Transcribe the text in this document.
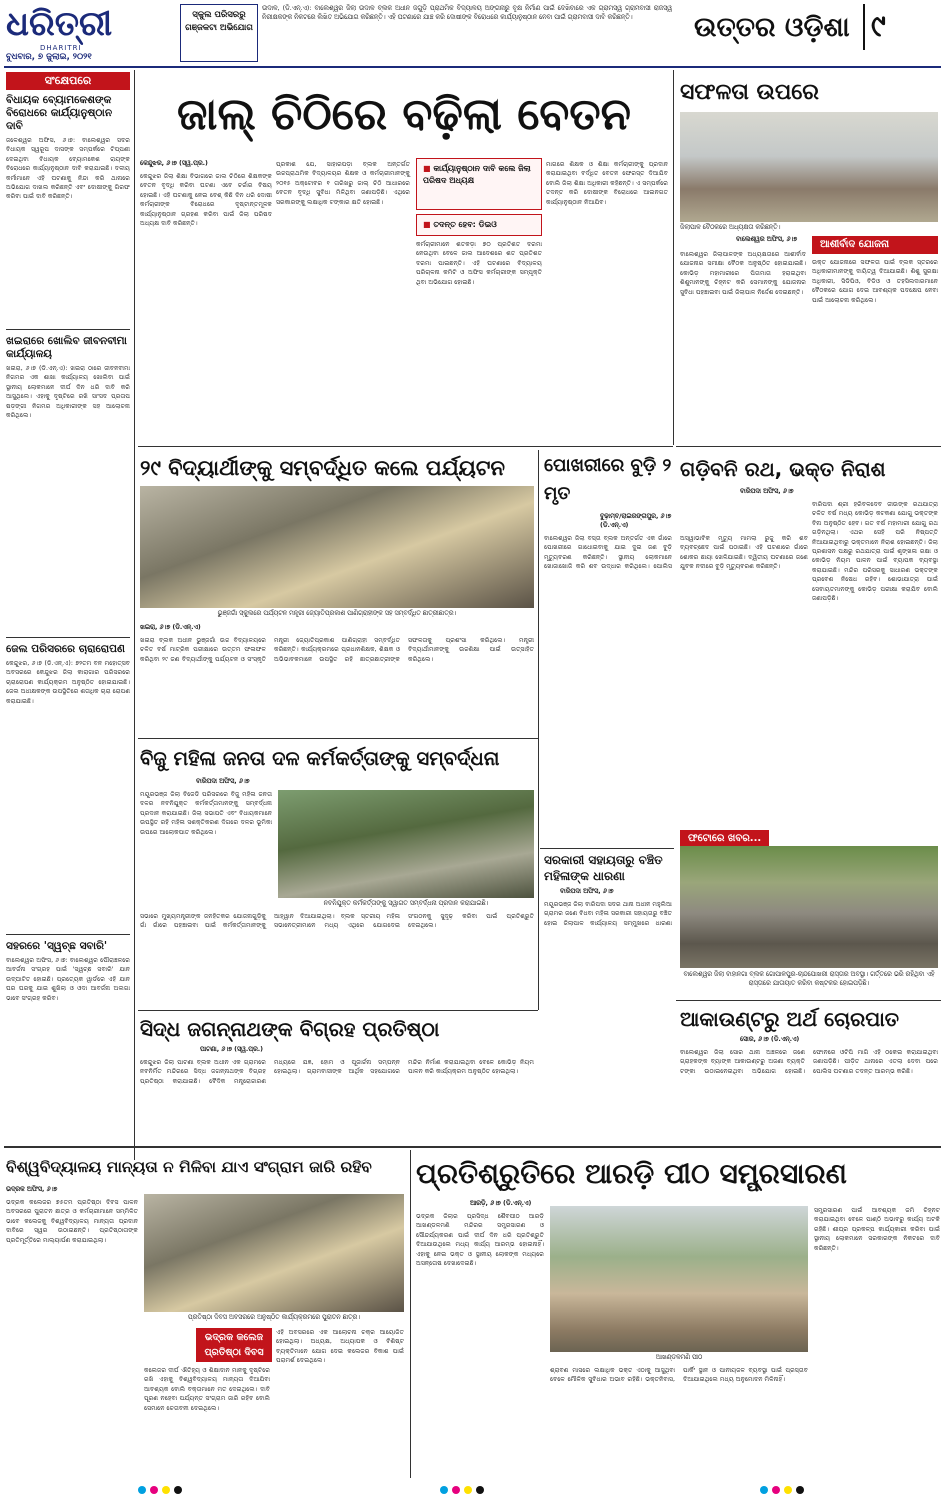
ଧରିତ୍ରୀ
DHARITRI
ବୁଧବାର, ୭ ଜୁଲାଇ, ୨୦୨୧
ସ୍କୁଲ ପରିସରରୁ ଗଞ୍ଜକଟା ଅଭିଯୋଗ
ଉଦାଳ, (ଡି.ଏନ୍.ଏ): ବାଲେଶ୍ୱର ଜିଲା ଉଦାଳ ବ୍ଲକ ଅଧୀନ ଜଗୁଡ଼ି ପ୍ରାଥମିକ ବିଦ୍ୟାଳୟ ଅଙ୍ଗନାରୁ ବୃକ୍ଷ ନିର୍ମାଣ ପାଇଁ ଦେଖିବାରେ ଏକ ଗ୍ରାମସ୍ୱ ଗ୍ରାମବାସୀ ରାଜସ୍ୱ ନିରୀକ୍ଷକଙ୍କ ନିକଟରେ ଲିଖିତ ଅଭିଯୋଗ କରିଛନ୍ତି। ଏହି ଘଟଣାରେ ଯାଞ୍ଚ କରି ଦୋଷୀଙ୍କ ବିରୋଧରେ କାର୍ଯ୍ୟାନୁଷ୍ଠାନ ନେବା ପାଇଁ ଗ୍ରାମବାସୀ ଦାବି କରିଛନ୍ତି।	ଉତ୍ତର ଓଡ଼ିଶା ୯
ସଂକ୍ଷେପରେ
ବିଧାୟକ ବ୍ୟୋମକେଶଙ୍କ ବିରୋଧରେ କାର୍ଯ୍ୟାନୁଷ୍ଠାନ ଦାବି
ଜଳେଶ୍ୱର ଅଫିସ, ୬।୭: ବାଲେଶ୍ୱର ସଦର ବିଧାୟକ ସ୍ୱରୂପ ଦାସଙ୍କ ସମ୍ପର୍କରେ ଟିପ୍ପଣୀ ଦେଇଥିବା ବିଧାୟକ ବ୍ୟୋମକେଶ ରାୟଙ୍କ ବିରୋଧରେ କାର୍ଯ୍ୟାନୁଷ୍ଠାନ ଦାବି କରାଯାଇଛି। ଦଳୀୟ କର୍ମୀମାନେ ଏହି ଘଟଣାକୁ ନିନ୍ଦା କରି ଥାନାରେ ଅଭିଯୋଗ ଦାଖଲ କରିଛନ୍ତି ଏବଂ ଦୋଷୀଙ୍କୁ ଗିରଫ କରିବା ପାଇଁ ଦାବି କରିଛନ୍ତି।
ଖଇରାରେ ଖୋଲିବ ଜୀବନବୀମା କାର୍ଯ୍ୟାଳୟ
ଖଇରା, ୬।୭ (ଡି.ଏନ୍.ଏ): ଖଇରା ଠାରେ ଜୀବନବୀମା ନିଗମର ଏକ ଶାଖା କାର୍ଯ୍ୟାଳୟ ଖୋଲିବା ପାଇଁ ସ୍ଥାନୀୟ ଲୋକମାନେ ଦୀର୍ଘ ଦିନ ଧରି ଦାବି କରି ଆସୁଥିଲେ। ଏହାକୁ ଦୃଷ୍ଟିରେ ରଖି ସାଂସଦ ପ୍ରତାପ ଷଡ଼ଙ୍ଗୀ ନିଗମର ଅଧିକାରୀଙ୍କ ସହ ଆଲୋଚନା କରିଥିଲେ।
ଜେଲ ପରିସରରେ ଚାରାରୋପଣ
କେନ୍ଦୁଝର, ୬।୭ (ଡି.ଏନ୍.ଏ): ୭୨ତମ ବନ ମହୋତ୍ସବ ଅବସରରେ କେନ୍ଦୁଝର ଜିଲା କାରାଗାର ପରିସରରେ ଚାରାରୋପଣ କାର୍ଯ୍ୟକ୍ରମ ଅନୁଷ୍ଠିତ ହୋଇଯାଇଛି। ଜେଲ ଅଧୀକ୍ଷକଙ୍କ ଉପସ୍ଥିତିରେ ଶତାଧିକ ଚାରା ରୋପଣ କରାଯାଇଛି।
ସହରରେ 'ସ୍ୱଚ୍ଛ ସବାରି'
ବାଲେଶ୍ୱର ଅଫିସ, ୬।୭: ବାଲେଶ୍ୱର ପୌରାଞ୍ଚଳରେ ଆବର୍ଜନା ସଂଗ୍ରହ ପାଇଁ 'ସ୍ୱଚ୍ଛ ସବାରି' ଯାନ ଉଦ୍‌ଘାଟିତ ହୋଇଛି। ପ୍ରତ୍ୟେକ ୱାର୍ଡରେ ଏହି ଯାନ ଘର ଘରକୁ ଯାଇ ଶୁଖିଲା ଓ ଓଦା ଆବର୍ଜନା ଅଲଗା ଭାବେ ସଂଗ୍ରହ କରିବ।
ଜାଲ୍ ଚିଠିରେ ବଢ଼ିଲା ବେତନ
କେନ୍ଦୁଝର, ୬।୭ (ସ୍ୱ.ପ୍ର.)
କେନ୍ଦୁଝର ଜିଲା ଶିକ୍ଷା ବିଭାଗରେ ଜାଲ ଚିଠିରେ ଶିକ୍ଷକଙ୍କ ବେତନ ବୃଦ୍ଧି କରିବା ଘଟଣା ଏବେ ଚର୍ଚ୍ଚାର ବିଷୟ ହୋଇଛି। ଏହି ଘଟଣାକୁ ନେଇ ବେଶ୍ କିଛି ଦିନ ଧରି ଦୋଷୀ କର୍ମଚାରୀଙ୍କ ବିରୋଧରେ ଦୃଷ୍ଟାନ୍ତମୂଳକ କାର୍ଯ୍ୟାନୁଷ୍ଠାନ ଗ୍ରହଣ କରିବା ପାଇଁ ଜିଲା ପରିଷଦ ଅଧ୍ୟକ୍ଷ ଦାବି କରିଛନ୍ତି।
ପ୍ରକାଶ ଯେ, ସାହାରପଡ଼ା ବ୍ଲକ ଅନ୍ତର୍ଗତ ଉଚ୍ଚପ୍ରାଥମିକ ବିଦ୍ୟାଳୟର ଶିକ୍ଷକ ଓ କର୍ମଚାରୀମାନଙ୍କୁ ୨୦୧୫ ଅକ୍ଟୋବର ୧ ତାରିଖରୁ ଜାଲ୍ ଚିଠି ଆଧାରରେ ବେତନ ବୃଦ୍ଧି ସୁବିଧା ମିଳିଥିବା ଜଣାପଡ଼ିଛି। ଏଥିରେ ସରକାରଙ୍କୁ ଲକ୍ଷାଧିକ ଟଙ୍କାର କ୍ଷତି ହୋଇଛି।
■ କାର୍ଯ୍ୟାନୁଷ୍ଠାନ ଦାବି କଲେ ଜିଲା ପରିଷଦ ଅଧ୍ୟକ୍ଷ
■ ତଦନ୍ତ ହେବ: ଡିଇଓ
କର୍ମଚାରୀମାନେ ଶତକଡ଼ା ୭୦ ପ୍ରତିଶତ ଦରମା ନେଉଥିବା ବେଳେ ଜାଲ ଆଦେଶରେ ଶତ ପ୍ରତିଶତ ଦରମା ପାଇଛନ୍ତି। ଏହି ଘଟଣାରେ ବିଦ୍ୟାଳୟ ପରିଚାଳନା କମିଟି ଓ ଅଫିସ କର୍ମଚାରୀଙ୍କ ସମ୍ପୃକ୍ତି ଥିବା ଅଭିଯୋଗ ହୋଇଛି।
ମାଗରେ ଶିକ୍ଷକ ଓ ଶିକ୍ଷା କର୍ମଚାରୀଙ୍କୁ ପ୍ରଦାନ କରାଯାଇଥିବା ବର୍ଦ୍ଧିତ ବେତନ ଫେରସ୍ତ ଦିଆଯିବ ବୋଲି ଜିଲା ଶିକ୍ଷା ଅଧିକାରୀ କହିଛନ୍ତି। ଏ ସମ୍ପର୍କରେ ତଦନ୍ତ କରି ଦୋଷୀଙ୍କ ବିରୋଧରେ ଆଇନଗତ କାର୍ଯ୍ୟାନୁଷ୍ଠାନ ନିଆଯିବ।
ସଫଳତା ଉପରେ
ଜିଲାପାଳ ବୈଠକରେ ଅଧ୍ୟକ୍ଷତା କରିଛନ୍ତି।
ବାଲେଶ୍ୱର ଅଫିସ, ୬।୭	ଆଶୀର୍ବାଦ ଯୋଜନା
ବାଲେଶ୍ୱର ଜିଲାପାଳଙ୍କ ଅଧ୍ୟକ୍ଷତାରେ ଆଶୀର୍ବାଦ ଯୋଜନାର ସମୀକ୍ଷା ବୈଠକ ଅନୁଷ୍ଠିତ ହୋଇଯାଇଛି। କୋଭିଡ଼ ମହାମାରୀରେ ପିତାମାତା ହରାଇଥିବା ଶିଶୁମାନଙ୍କୁ ଚିହ୍ନଟ କରି ସେମାନଙ୍କୁ ଯୋଜନାର ସୁବିଧା ପହଞ୍ଚାଇବା ପାଇଁ ଜିଲାପାଳ ନିର୍ଦ୍ଦେଶ ଦେଇଛନ୍ତି।
ଉକ୍ତ ଯୋଜନାରେ ସଫଳତା ପାଇଁ ବ୍ଲକ ସ୍ତରରେ ଅଧିକାରୀମାନଙ୍କୁ ଦାୟିତ୍ୱ ଦିଆଯାଇଛି। ଶିଶୁ ସୁରକ୍ଷା ଅଧିକାରୀ, ସିଡିପିଓ, ବିଡିଓ ଓ ତହସିଲଦାରମାନେ ବୈଠକରେ ଯୋଗ ଦେଇ ଆବଶ୍ୟକ ପଦକ୍ଷେପ ନେବା ପାଇଁ ଆଲୋଚନା କରିଥିଲେ।
୨୯ ବିଦ୍ୟାର୍ଥୀଙ୍କୁ ସମ୍ବର୍ଦ୍ଧିତ କଲେ ପର୍ଯ୍ୟଟନ
ଭୁଞ୍ଜଗାଁ ସ୍କୁଲରେ ପର୍ଯ୍ୟଟନ ମନ୍ତ୍ରୀ ଜ୍ୟୋତିପ୍ରକାଶ ପାଣିଗ୍ରାହୀଙ୍କ ସହ ସମ୍ବର୍ଦ୍ଧିତ ଛାତ୍ରୀଛାତ୍ର।
ଖଇରା, ୬।୭ (ଡି.ଏନ୍.ଏ)
ଖଇରା ବ୍ଲକ ଅଧୀନ ଭୁଞ୍ଜଗାଁ ଉଚ୍ଚ ବିଦ୍ୟାଳୟରେ ଚଳିତ ବର୍ଷ ମାଟ୍ରିକ ପରୀକ୍ଷାରେ ଉତ୍ତମ ଫଳାଫଳ କରିଥିବା ୨୯ ଜଣ ବିଦ୍ୟାର୍ଥୀଙ୍କୁ ପର୍ଯ୍ୟଟନ ଓ ସଂସ୍କୃତି ମନ୍ତ୍ରୀ ଜ୍ୟୋତିପ୍ରକାଶ ପାଣିଗ୍ରାହୀ ସମ୍ବର୍ଦ୍ଧିତ କରିଛନ୍ତି। କାର୍ଯ୍ୟକ୍ରମରେ ପ୍ରଧାନଶିକ୍ଷକ, ଶିକ୍ଷକ ଓ ଅଭିଭାବକମାନେ ଉପସ୍ଥିତ ରହି ଛାତ୍ରଛାତ୍ରୀଙ୍କ ସଫଳତାକୁ ପ୍ରଶଂସା କରିଥିଲେ। ମନ୍ତ୍ରୀ ବିଦ୍ୟାର୍ଥୀମାନଙ୍କୁ ଉଚ୍ଚଶିକ୍ଷା ପାଇଁ ଉତ୍ସାହିତ କରିଥିଲେ।
ପୋଖରୀରେ ବୁଡ଼ି ୨ ମୃତ
ବୁଢ଼ାମ୍ବ/ରାଇରଙ୍ଗପୁର, ୬।୭ (ଡି.ଏନ୍.ଏ)
ବାଲେଶ୍ୱର ଜିଲା ବସ୍ତା ବ୍ଲକ ଅନ୍ତର୍ଗତ ଏକ ଗାଁରେ ପୋଖରୀରେ ଗାଧୋଇବାକୁ ଯାଇ ଦୁଇ ଜଣ ବୁଡ଼ି ମୃତ୍ୟୁବରଣ କରିଛନ୍ତି। ସ୍ଥାନୀୟ ଲୋକମାନେ ଖୋଜାଖୋଜି କରି ଶବ ଉଦ୍ଧାର କରିଥିଲେ। ପୋଲିସ ଅସ୍ୱାଭାବିକ ମୃତ୍ୟୁ ମାମଲା ରୁଜୁ କରି ଶବ ବ୍ୟବଚ୍ଛେଦ ପାଇଁ ପଠାଇଛି। ଏହି ଘଟଣାରେ ଗାଁରେ ଶୋକର ଛାୟା ଖେଳିଯାଇଛି। ଦ୍ୱିତୀୟ ଘଟଣାରେ ଜଣେ ଯୁବକ ନଦୀରେ ବୁଡ଼ି ମୃତ୍ୟୁବରଣ କରିଛନ୍ତି।
ଗଡ଼ିବନି ରଥ, ଭକ୍ତ ନିରାଶ
ବାରିପଦା ଅଫିସ, ୬।୭
ବାରିପଦା ଶ୍ରୀ ହରିବଳଦେବ ଜୀଉଙ୍କ ରଥଯାତ୍ରା ଚଳିତ ବର୍ଷ ମଧ୍ୟ କୋଭିଡ଼ କଟକଣା ଯୋଗୁ ଭକ୍ତଙ୍କ ବିନା ଅନୁଷ୍ଠିତ ହେବ। ଗତ ବର୍ଷ ମହାମାରୀ ଯୋଗୁ ରଥ ଗଡ଼ିନଥିଲା। ଏଥର ସେହି ପରି ନିଷ୍ପତ୍ତି ନିଆଯାଇଥିବାରୁ ଭକ୍ତମାନେ ନିରାଶ ହୋଇଛନ୍ତି। ଜିଲା ପ୍ରଶାସନ ପକ୍ଷରୁ ରଥଯାତ୍ରା ପାଇଁ ଶୃଙ୍ଖଳା ରକ୍ଷା ଓ କୋଭିଡ଼ ନିୟମ ପାଳନ ପାଇଁ ବ୍ୟାପକ ବ୍ୟବସ୍ଥା କରାଯାଇଛି। ମନ୍ଦିର ପରିସରକୁ ସାଧାରଣ ଭକ୍ତଙ୍କ ପ୍ରବେଶ ନିଷେଧ ରହିବ। ଶୋଭାଯାତ୍ରା ପାଇଁ ସେବାୟତମାନଙ୍କୁ କୋଭିଡ଼ ପରୀକ୍ଷା କରାଯିବ ବୋଲି ଜଣାପଡ଼ିଛି।
ବିଜୁ ମହିଳା ଜନତା ଦଳ କର୍ମକର୍ତ୍ତାଙ୍କୁ ସମ୍ବର୍ଦ୍ଧନା
ବାରିପଦା ଅଫିସ, ୬।୭
ମୟୂରଭଞ୍ଜ ଜିଲା ବିଜେଡି ପରିସରରେ ବିଜୁ ମହିଳା ଜନତା ଦଳର ନବନିଯୁକ୍ତ କର୍ମକର୍ତ୍ତାମାନଙ୍କୁ ସମ୍ବର୍ଦ୍ଧନା ପ୍ରଦାନ କରାଯାଇଛି। ଜିଲା ସଭାପତି ଏବଂ ବିଧାୟକମାନେ ଉପସ୍ଥିତ ରହି ମହିଳା ସଶକ୍ତିକରଣ ଦିଗରେ ଦଳର ଭୂମିକା ଉପରେ ଆଲୋକପାତ କରିଥିଲେ।
ନବନିଯୁକ୍ତ କର୍ମକର୍ତ୍ତାଙ୍କୁ ସ୍ୱାଗତ ସମ୍ବର୍ଦ୍ଧନା ପ୍ରଦାନ କରାଯାଇଛି।
ସଭାରେ ମୁଖ୍ୟମନ୍ତ୍ରୀଙ୍କ ଜନହିତକର ଯୋଜନାଗୁଡ଼ିକୁ ଗାଁ ଗାଁରେ ପହଞ୍ଚାଇବା ପାଇଁ କର୍ମକର୍ତ୍ତାମାନଙ୍କୁ ଆହ୍ୱାନ ଦିଆଯାଇଥିଲା। ବ୍ଲକ ସ୍ତରୀୟ ମହିଳା ସଭାନେତ୍ରୀମାନେ ମଧ୍ୟ ଏଥିରେ ଯୋଗଦେଇ ସଂଗଠନକୁ ସୁଦୃଢ଼ କରିବା ପାଇଁ ପ୍ରତିଶ୍ରୁତି ଦେଇଥିଲେ।
ସରକାରୀ ସହାୟତାରୁ ବଞ୍ଚିତ ମହିଳାଙ୍କ ଧାରଣା
ବାରିପଦା ଅଫିସ, ୬।୭
ମୟୂରଭଞ୍ଜ ଜିଲା ବାରିପଦା ସଦର ଥାନା ଅଧୀନ ମହୁଲିଆ ଗ୍ରାମର ଜଣେ ବିଧବା ମହିଳା ସରକାରୀ ସହାୟତାରୁ ବଞ୍ଚିତ ହୋଇ ଜିଲାପାଳ କାର୍ଯ୍ୟାଳୟ ସମ୍ମୁଖରେ ଧାରଣା
ଫଟୋରେ ଖବର...
ବାଲେଶ୍ୱର ଜିଲା ବାହାନଗା ବ୍ଲକ ଗୋପାଳପୁର-ଚାନ୍ଦପୋଖରୀ ରାସ୍ତାର ଅବସ୍ଥା। ଗର୍ତ୍ତରେ ଭରି ରହିଥିବା ଏହି ରାସ୍ତାରେ ଯାତାୟାତ କରିବା କଷ୍ଟକର ହୋଇପଡ଼ିଛି।
ଆକାଉଣ୍ଟରୁ ଅର୍ଥ ଚୋରପାତ
ସୋର, ୬।୭ (ଡି.ଏନ୍.ଏ)
ବାଲେଶ୍ୱର ଜିଲା ସୋର ଥାନା ଅଞ୍ଚଳରେ ଜଣେ ଗ୍ରାହକଙ୍କ ବ୍ୟାଙ୍କ ଆକାଉଣ୍ଟରୁ ଅଜଣା ବ୍ୟକ୍ତି ଟଙ୍କା ଉଠାଇନେଇଥିବା ଅଭିଯୋଗ ହୋଇଛି। ଫୋନରେ ଓଟିପି ମାଗି ଏହି ଠକେଇ କରାଯାଇଥିବା ଜଣାପଡ଼ିଛି। ପୀଡ଼ିତ ଥାନାରେ ଏତଲା ଦେବା ପରେ ପୋଲିସ ଘଟଣାର ତଦନ୍ତ ଆରମ୍ଭ କରିଛି।
ସିଦ୍ଧ ଜଗନ୍ନାଥଙ୍କ ବିଗ୍ରହ ପ୍ରତିଷ୍ଠା
ପାଟଣା, ୬।୭ (ସ୍ୱ.ପ୍ର.)
କେନ୍ଦୁଝର ଜିଲା ପାଟଣା ବ୍ଲକ ଅଧୀନ ଏକ ଗ୍ରାମରେ ନବନିର୍ମିତ ମନ୍ଦିରରେ ସିଦ୍ଧ ଜଗନ୍ନାଥଙ୍କ ବିଗ୍ରହ ପ୍ରତିଷ୍ଠା କରାଯାଇଛି। ବୈଦିକ ମନ୍ତ୍ରୋଚ୍ଚାରଣ ମଧ୍ୟରେ ଯଜ୍ଞ, ହୋମ ଓ ପୂଜାର୍ଚ୍ଚନା ସମ୍ପନ୍ନ ହୋଇଥିଲା। ଗ୍ରାମବାସୀଙ୍କ ଆର୍ଥିକ ସହଯୋଗରେ ମନ୍ଦିର ନିର୍ମାଣ କରାଯାଇଥିବା ବେଳେ କୋଭିଡ଼ ନିୟମ ପାଳନ କରି କାର୍ଯ୍ୟକ୍ରମ ଅନୁଷ୍ଠିତ ହୋଇଥିଲା।
ବିଶ୍ୱବିଦ୍ୟାଳୟ ମାନ୍ୟତା ନ ମିଳିବା ଯାଏ ସଂଗ୍ରାମ ଜାରି ରହିବ
ଭଦ୍ରକ ଅଫିସ, ୬।୭
ଭଦ୍ରକ କଲେଜର ୭୫ତମ ପ୍ରତିଷ୍ଠା ଦିବସ ପାଳନ ଅବସରରେ ପୁରାତନ ଛାତ୍ର ଓ କର୍ମଚାରୀମାନେ ସମ୍ମିଳିତ ଭାବେ କଲେଜକୁ ବିଶ୍ୱବିଦ୍ୟାଳୟ ମାନ୍ୟତା ପ୍ରଦାନ ଦାବିରେ ସ୍ୱର ଉଠାଇଛନ୍ତି। ପ୍ରତିଷ୍ଠାତାଙ୍କ ପ୍ରତିମୂର୍ତ୍ତିରେ ମାଲ୍ୟାର୍ପଣ କରାଯାଇଥିଲା।
ପ୍ରତିଷ୍ଠା ଦିବସ ଅବସରରେ ଅନୁଷ୍ଠିତ କାର୍ଯ୍ୟକ୍ରମରେ ପୁରାତନ ଛାତ୍ର।
ଭଦ୍ରକ କଲେଜ ପ୍ରତିଷ୍ଠା ଦିବସ
କଲେଜର ଦୀର୍ଘ ଐତିହ୍ୟ ଓ ଶିକ୍ଷାଦାନ ମାନକୁ ଦୃଷ୍ଟିରେ ରଖି ଏହାକୁ ବିଶ୍ୱବିଦ୍ୟାଳୟ ମାନ୍ୟତା ଦିଆଯିବା ଆବଶ୍ୟକ ବୋଲି ବକ୍ତାମାନେ ମତ ଦେଇଥିଲେ। ଦାବି ପୂରଣ ନହେବା ପର୍ଯ୍ୟନ୍ତ ସଂଗ୍ରାମ ଜାରି ରହିବ ବୋଲି ସେମାନେ ଚେତାବନୀ ଦେଇଥିଲେ।
ଏହି ଅବସରରେ ଏକ ଆଲୋଚନା ଚକ୍ର ଆୟୋଜିତ ହୋଇଥିଲା। ଅଧ୍ୟକ୍ଷ, ଅଧ୍ୟାପକ ଓ ବିଶିଷ୍ଟ ବ୍ୟକ୍ତିମାନେ ଯୋଗ ଦେଇ କଲେଜର ବିକାଶ ପାଇଁ ପରାମର୍ଶ ଦେଇଥିଲେ।
ପ୍ରତିଶ୍ରୁତିରେ ଆରଡ଼ି ପୀଠ ସମ୍ପ୍ରସାରଣ
ଆରଡ଼ି, ୬।୭ (ଡି.ଏନ୍.ଏ)
ଭଦ୍ରକ ଜିଲାର ପ୍ରସିଦ୍ଧ ଶୈବପୀଠ ଆରଡ଼ି ଆଖଣ୍ଡଳମଣି ମନ୍ଦିରର ସମ୍ପ୍ରସାରଣ ଓ ସୌନ୍ଦର୍ଯ୍ୟକରଣ ପାଇଁ ଦୀର୍ଘ ଦିନ ଧରି ପ୍ରତିଶ୍ରୁତି ଦିଆଯାଉଥିଲେ ମଧ୍ୟ କାର୍ଯ୍ୟ ଆରମ୍ଭ ହୋଇନାହିଁ। ଏହାକୁ ନେଇ ଭକ୍ତ ଓ ସ୍ଥାନୀୟ ଲୋକଙ୍କ ମଧ୍ୟରେ ଅସନ୍ତୋଷ ଦେଖାଦେଇଛି।
ଆଖଣ୍ଡଳମଣି ପୀଠ
ଶ୍ରାବଣ ମାସରେ ଲକ୍ଷାଧିକ ଭକ୍ତ ଏଠାକୁ ଆସୁଥିବା ବେଳେ ମୌଳିକ ସୁବିଧାର ଅଭାବ ରହିଛି। ଭକ୍ତନିବାସ, ପାର୍କିଂ ସ୍ଥାନ ଓ ପାନୀୟଜଳ ବ୍ୟବସ୍ଥା ପାଇଁ ପ୍ରସ୍ତାବ ଦିଆଯାଇଥିଲେ ମଧ୍ୟ ଅନୁମୋଦନ ମିଳିନାହିଁ।
ସମ୍ପ୍ରସାରଣ ପାଇଁ ଆବଶ୍ୟକ ଜମି ଚିହ୍ନଟ କରାଯାଇଥିବା ବେଳେ ପାଣ୍ଠି ଅଭାବରୁ କାର୍ଯ୍ୟ ଅଟକି ରହିଛି। ଶୀଘ୍ର ପ୍ରକଳ୍ପ କାର୍ଯ୍ୟକାରୀ କରିବା ପାଇଁ ସ୍ଥାନୀୟ ଲୋକମାନେ ସରକାରଙ୍କ ନିକଟରେ ଦାବି କରିଛନ୍ତି।
